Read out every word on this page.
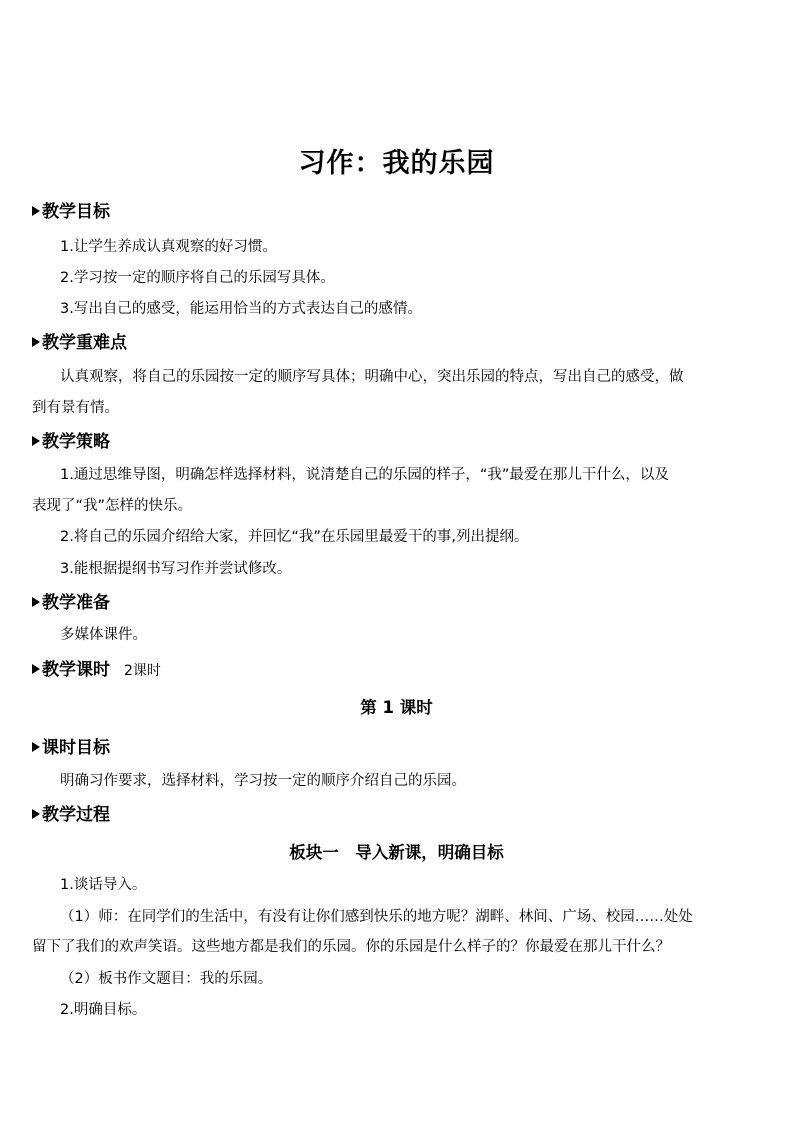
习作：我的乐园
教学目标
1.让学生养成认真观察的好习惯。
2.学习按一定的顺序将自己的乐园写具体。
3.写出自己的感受，能运用恰当的方式表达自己的感情。
教学重难点
认真观察，将自己的乐园按一定的顺序写具体；明确中心，突出乐园的特点，写出自己的感受，做
到有景有情。
教学策略
1.通过思维导图，明确怎样选择材料，说清楚自己的乐园的样子，“我”最爱在那儿干什么，以及
表现了“我”怎样的快乐。
2.将自己的乐园介绍给大家，并回忆“我”在乐园里最爱干的事,列出提纲。
3.能根据提纲书写习作并尝试修改。
教学准备
多媒体课件。
教学课时 2课时
第 1 课时
课时目标
明确习作要求，选择材料，学习按一定的顺序介绍自己的乐园。
教学过程
板块一　导入新课，明确目标
1.谈话导入。
（1）师：在同学们的生活中，有没有让你们感到快乐的地方呢？湖畔、林间、广场、校园……处处
留下了我们的欢声笑语。这些地方都是我们的乐园。你的乐园是什么样子的？你最爱在那儿干什么？
（2）板书作文题目：我的乐园。
2.明确目标。
